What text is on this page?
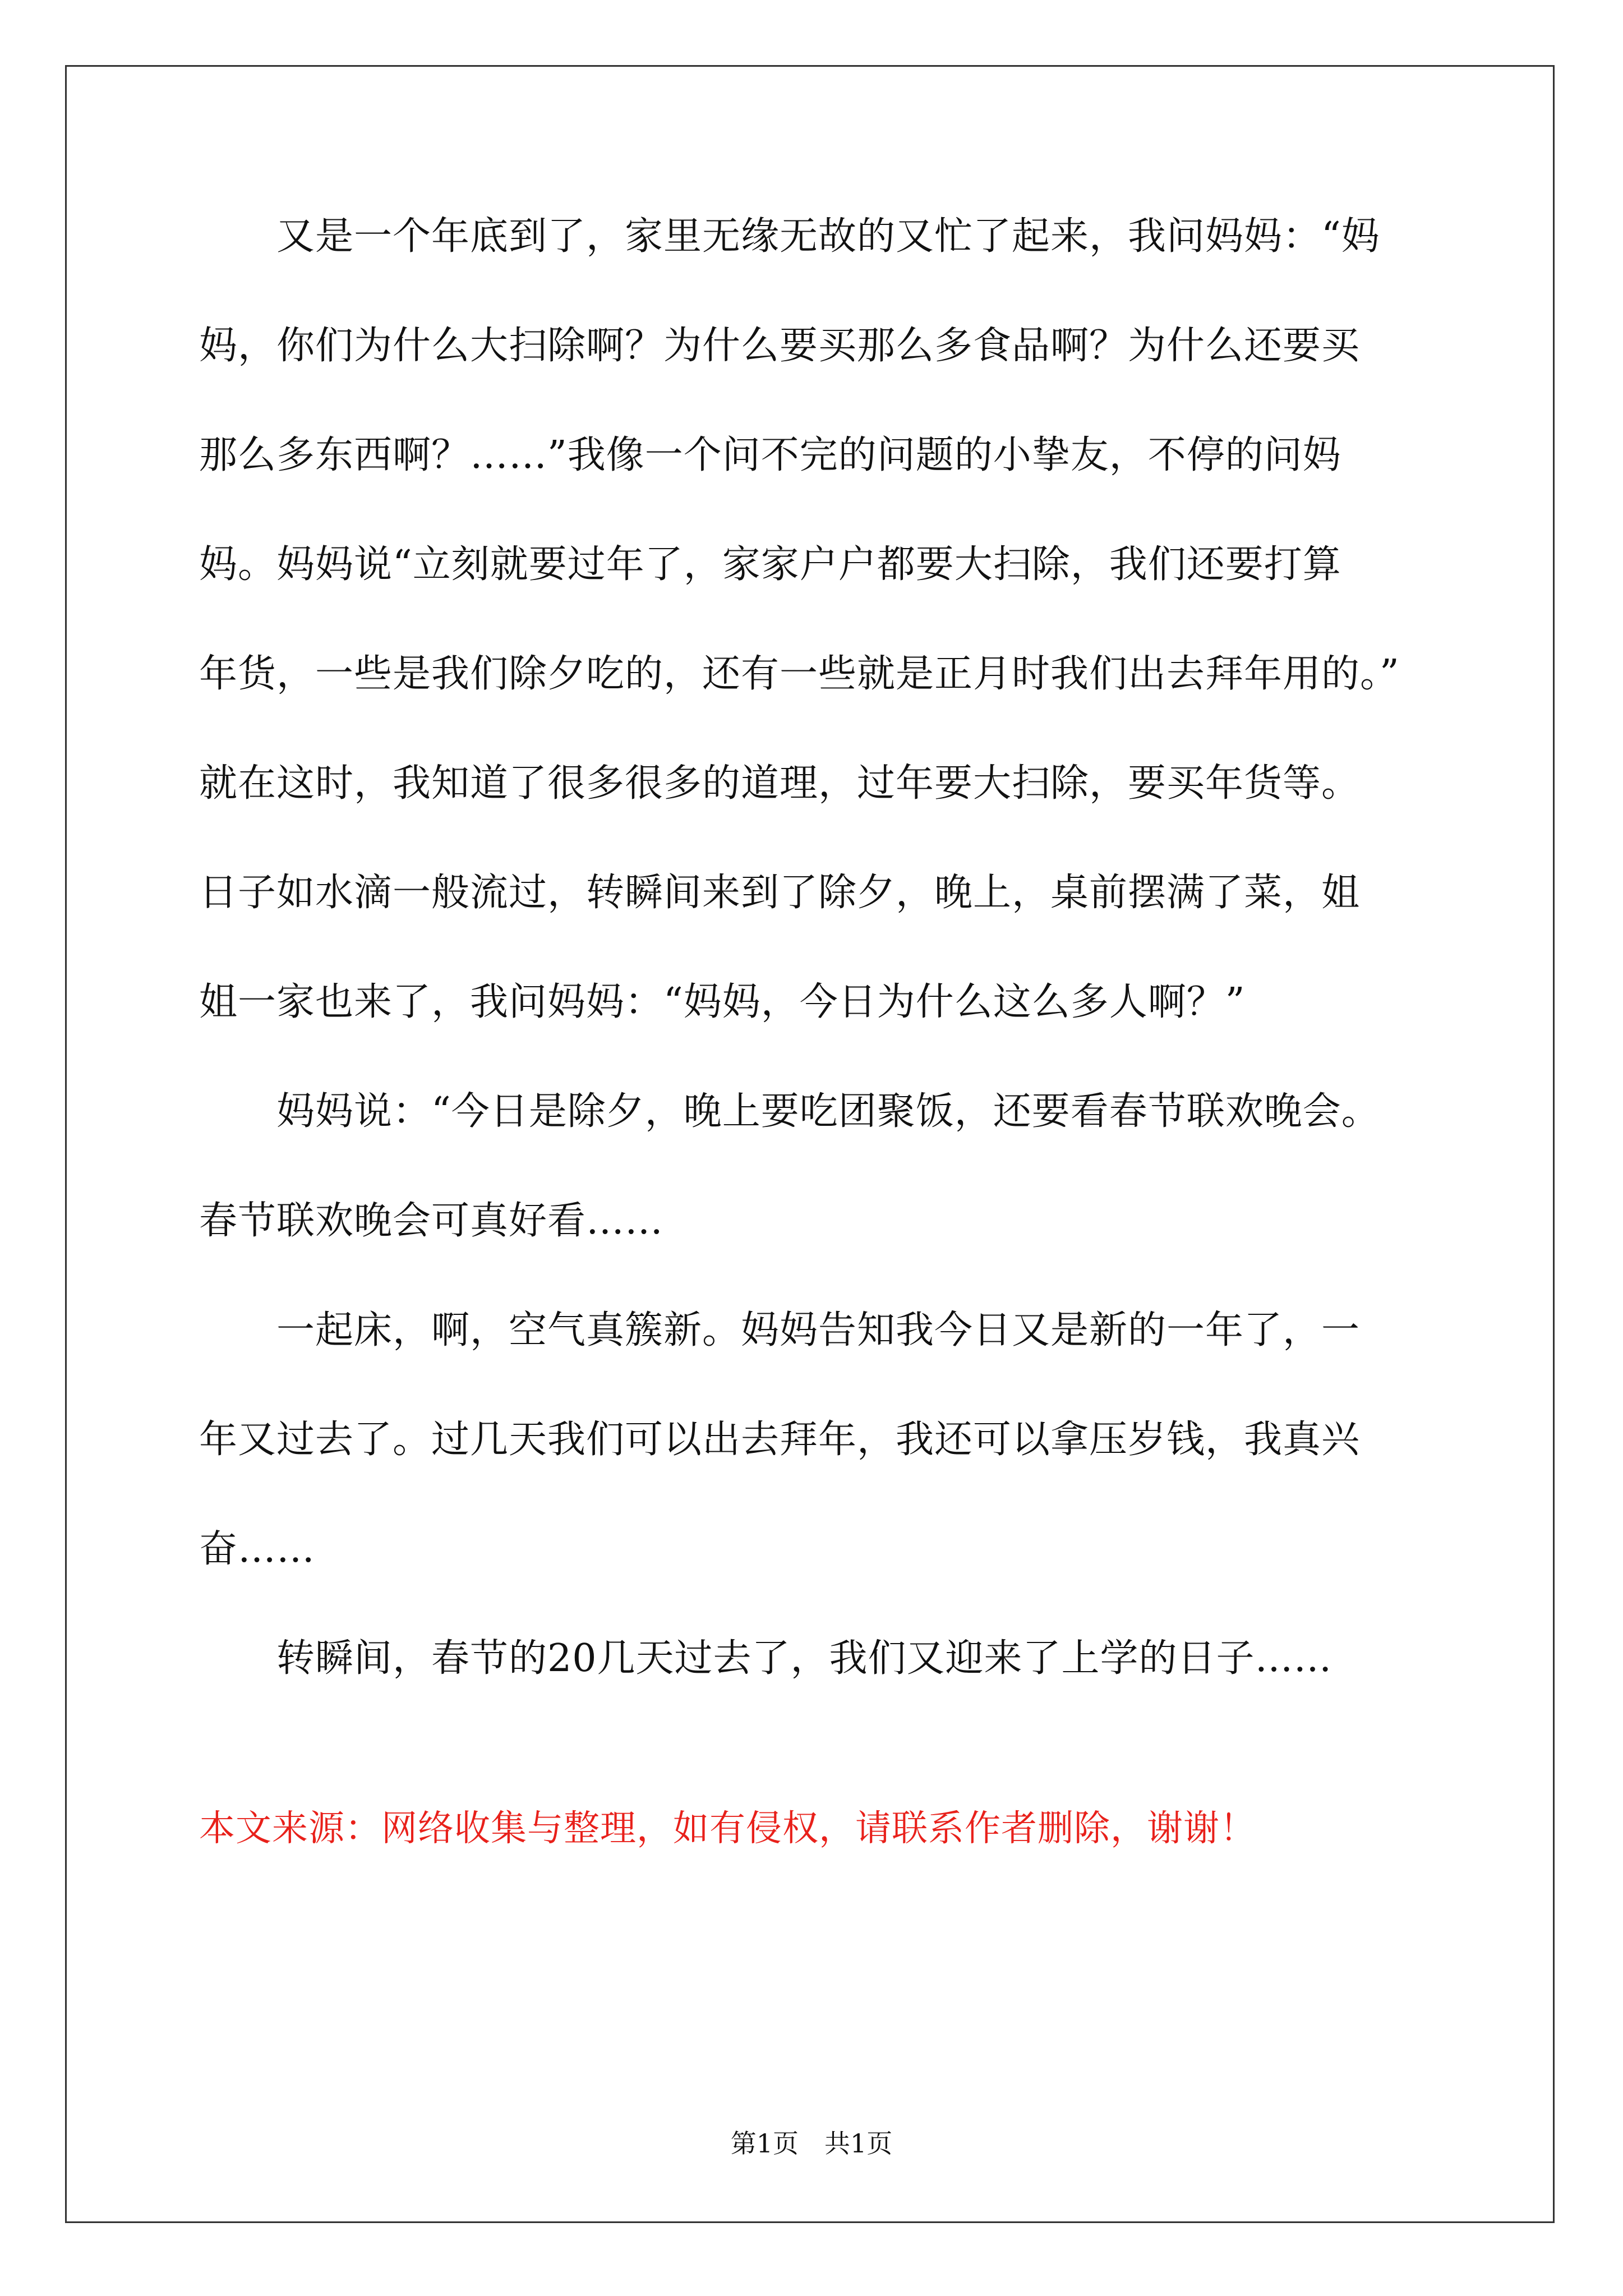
　　又是一个年底到了，家里无缘无故的又忙了起来，我问妈妈：“妈
妈，你们为什么大扫除啊？为什么要买那么多食品啊？为什么还要买
那么多东西啊？……”我像一个问不完的问题的小挚友，不停的问妈
妈。妈妈说“立刻就要过年了，家家户户都要大扫除，我们还要打算
年货，一些是我们除夕吃的，还有一些就是正月时我们出去拜年用的。”
就在这时，我知道了很多很多的道理，过年要大扫除，要买年货等。
日子如水滴一般流过，转瞬间来到了除夕，晚上，桌前摆满了菜，姐
姐一家也来了，我问妈妈：“妈妈，今日为什么这么多人啊？”
　　妈妈说：“今日是除夕，晚上要吃团聚饭，还要看春节联欢晚会。
春节联欢晚会可真好看……
　　一起床，啊，空气真簇新。妈妈告知我今日又是新的一年了，一
年又过去了。过几天我们可以出去拜年，我还可以拿压岁钱，我真兴
奋……
　　转瞬间，春节的20几天过去了，我们又迎来了上学的日子……
本文来源：网络收集与整理，如有侵权，请联系作者删除，谢谢！
第1页　共1页
